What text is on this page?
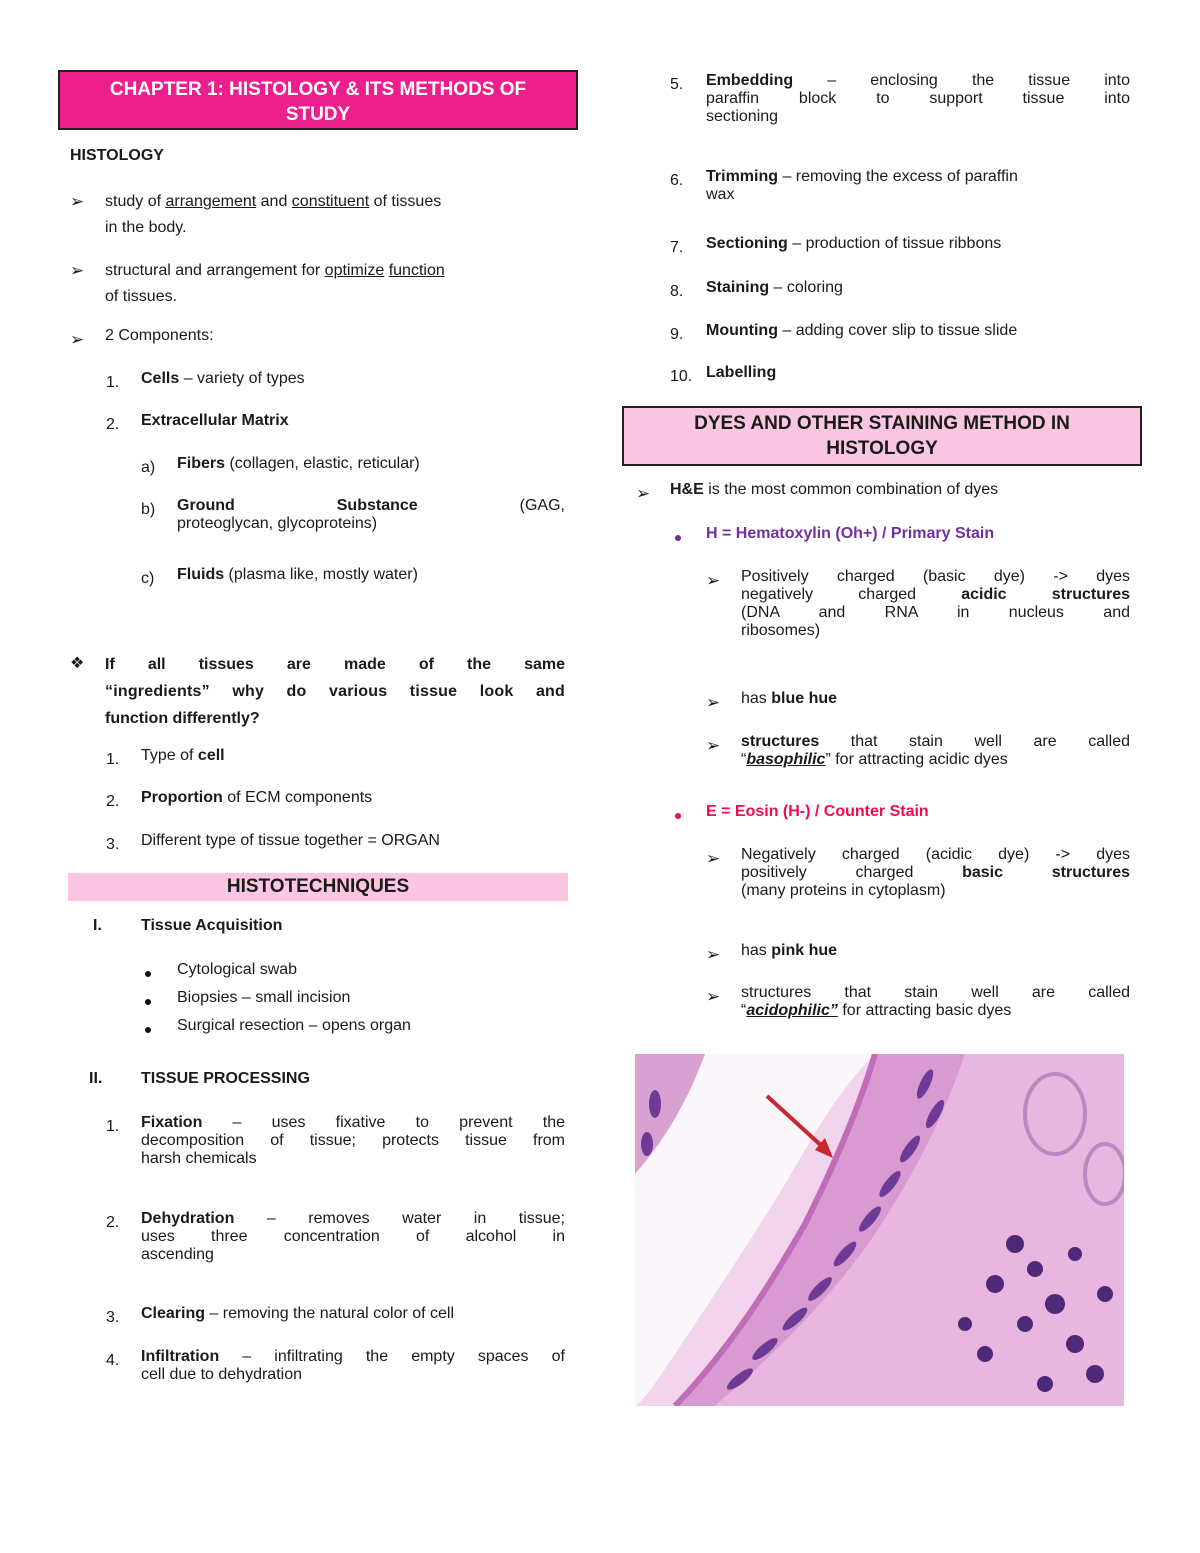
CHAPTER 1: HISTOLOGY & ITS METHODS OF
STUDY
HISTOLOGY
➢ study of arrangement and constituent of tissues
in the body.
➢ structural and arrangement for optimize function
of tissues.
➢ 2 Components:
1. Cells – variety of types
2. Extracellular Matrix
a) Fibers (collagen, elastic, reticular)
b) Ground	Substance	(GAG,
proteoglycan, glycoproteins)
c) Fluids (plasma like, mostly water)
❖ If all tissues are made of the same
“ingredients” why do various tissue look and
function differently?
1. Type of cell
2. Proportion of ECM components
3. Different type of tissue together = ORGAN
HISTOTECHNIQUES
I. Tissue Acquisition
Cytological swab
Biopsies – small incision
Surgical resection – opens organ
II. TISSUE PROCESSING
1. Fixation – uses fixative to prevent the
decomposition of tissue; protects tissue from
harsh chemicals
2. Dehydration – removes water in tissue;
uses three concentration of alcohol in
ascending
3. Clearing – removing the natural color of cell
4. Infiltration – infiltrating the empty spaces of
cell due to dehydration
5. Embedding – enclosing the tissue into
paraffin block to support tissue into
sectioning
6. Trimming – removing the excess of paraffin
wax
7. Sectioning – production of tissue ribbons
8. Staining – coloring
9. Mounting – adding cover slip to tissue slide
10. Labelling
DYES AND OTHER STAINING METHOD IN
HISTOLOGY
➢ H&E is the most common combination of dyes
H = Hematoxylin (Oh+) / Primary Stain
➢ Positively charged (basic dye) -> dyes
negatively charged acidic structures
(DNA and RNA in nucleus and
ribosomes)
➢ has blue hue
➢ structures that stain well are called
“basophilic” for attracting acidic dyes
E = Eosin (H-) / Counter Stain
➢ Negatively charged (acidic dye) -> dyes
positively charged basic structures
(many proteins in cytoplasm)
➢ has pink hue
➢ structures that stain well are called
“acidophilic” for attracting basic dyes
